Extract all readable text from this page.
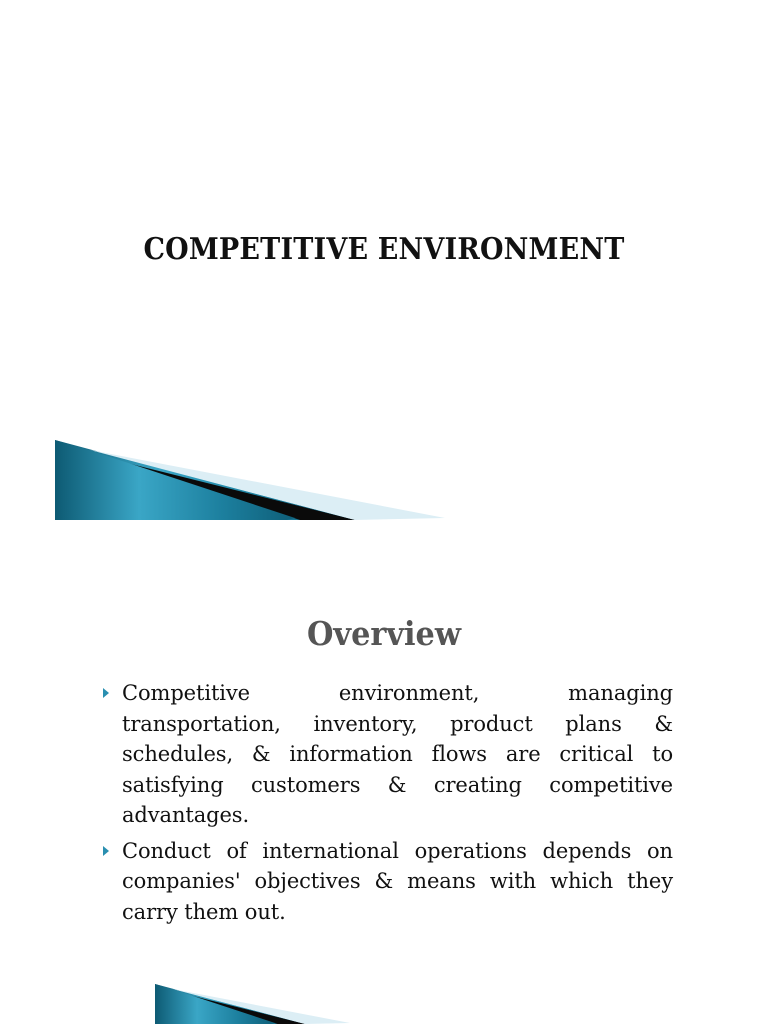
COMPETITIVE ENVIRONMENT
Overview
Competitive environment, managing transportation, inventory, product plans & schedules, & information flows are critical to satisfying customers & creating competitive advantages.
Conduct of international operations depends on companies' objectives & means with which they carry them out.
